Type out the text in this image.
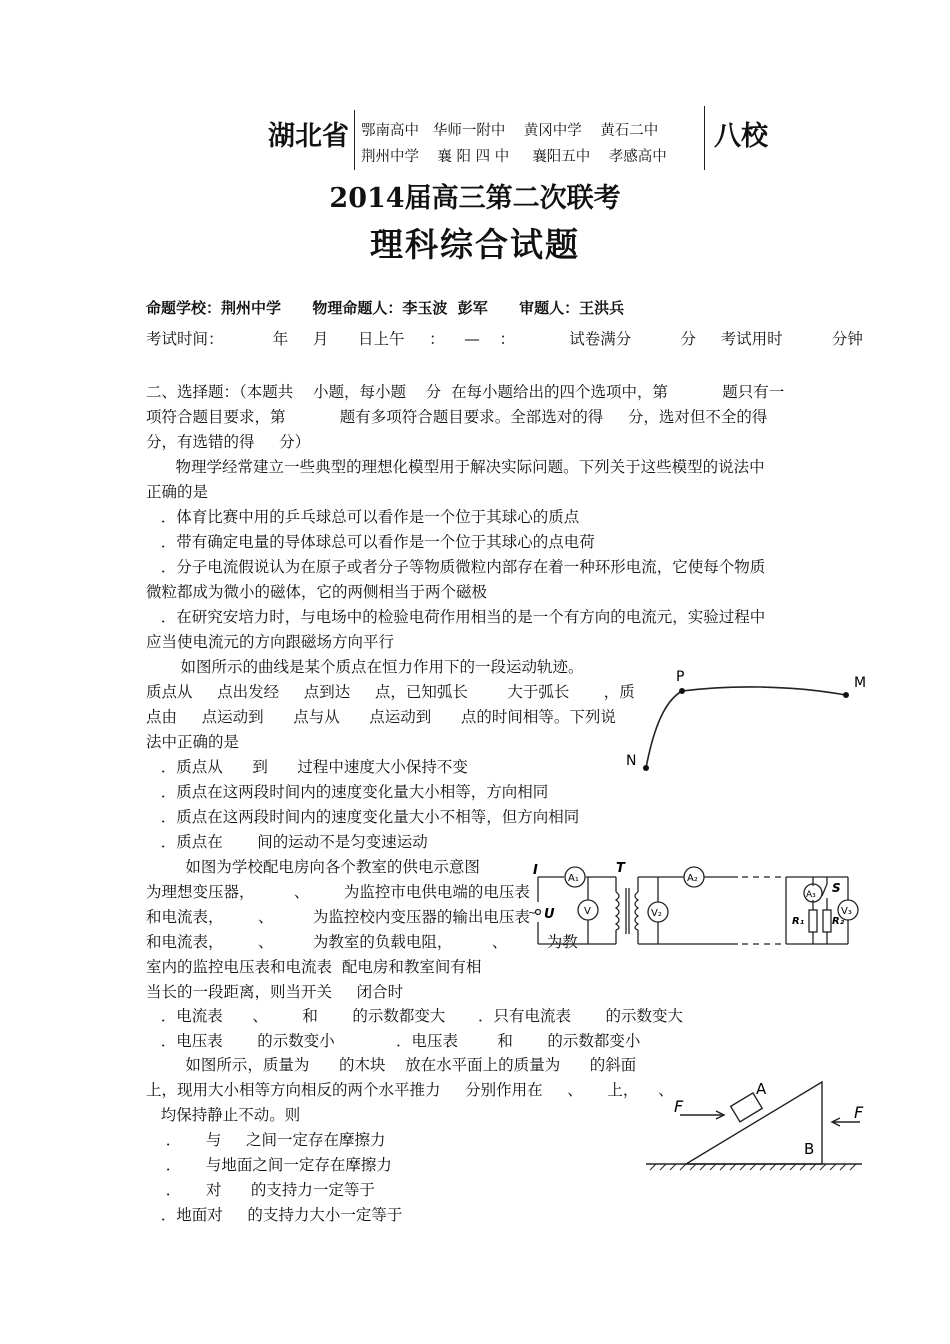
湖北省 鄂南高中   华师一附中    黄冈中学    黄石二中
荆州中学    襄 阳 四 中     襄阳五中    孝感高中
八校
2014届高三第二次联考
理科综合试题
命题学校：荆州中学      物理命题人：李玉波  彭军      审题人：王洪兵
考试时间：          年     月      日上午     ：    —    ：           试卷满分          分     考试用时          分钟
二、选择题：（本题共    小题，每小题    分  在每小题给出的四个选项中，第           题只有一
项符合题目要求，第           题有多项符合题目要求。全部选对的得     分，选对但不全的得
分，有选错的得     分）
物理学经常建立一些典型的理想化模型用于解决实际问题。下列关于这些模型的说法中
正确的是
．体育比赛中用的乒乓球总可以看作是一个位于其球心的质点
．带有确定电量的导体球总可以看作是一个位于其球心的点电荷
．分子电流假说认为在原子或者分子等物质微粒内部存在着一种环形电流，它使每个物质
微粒都成为微小的磁体，它的两侧相当于两个磁极
．在研究安培力时，与电场中的检验电荷作用相当的是一个有方向的电流元，实验过程中
应当使电流元的方向跟磁场方向平行
如图所示的曲线是某个质点在恒力作用下的一段运动轨迹。
质点从     点出发经     点到达     点，已知弧长        大于弧长       ，质
点由     点运动到      点与从      点运动到      点的时间相等。下列说
法中正确的是
．质点从      到      过程中速度大小保持不变
．质点在这两段时间内的速度变化量大小相等，方向相同
．质点在这两段时间内的速度变化量大小不相等，但方向相同
．质点在       间的运动不是匀变速运动
P	M
N
如图为学校配电房向各个教室的供电示意图
为理想变压器，        、       为监控市电供电端的电压表
和电流表，       、        为监控校内变压器的输出电压表
和电流表，       、        为教室的负载电阻，        、        为教
室内的监控电压表和电流表  配电房和教室间有相
当长的一段距离，则当开关     闭合时
．电流表      、       和       的示数都变大 ．只有电流表       的示数变大
．电压表       的示数变小	．电压表        和       的示数都变小
I
~ U
T
A₁
V	V₂
A₂
A₃
V₃
R₁	R₂
S
如图所示，质量为      的木块    放在水平面上的质量为      的斜面
上，现用大小相等方向相反的两个水平推力     分别作用在     、     上，    、
均保持静止不动。则
．     与     之间一定存在摩擦力
．     与地面之间一定存在摩擦力
．     对      的支持力一定等于
．地面对     的支持力大小一定等于
A
B
F	F
